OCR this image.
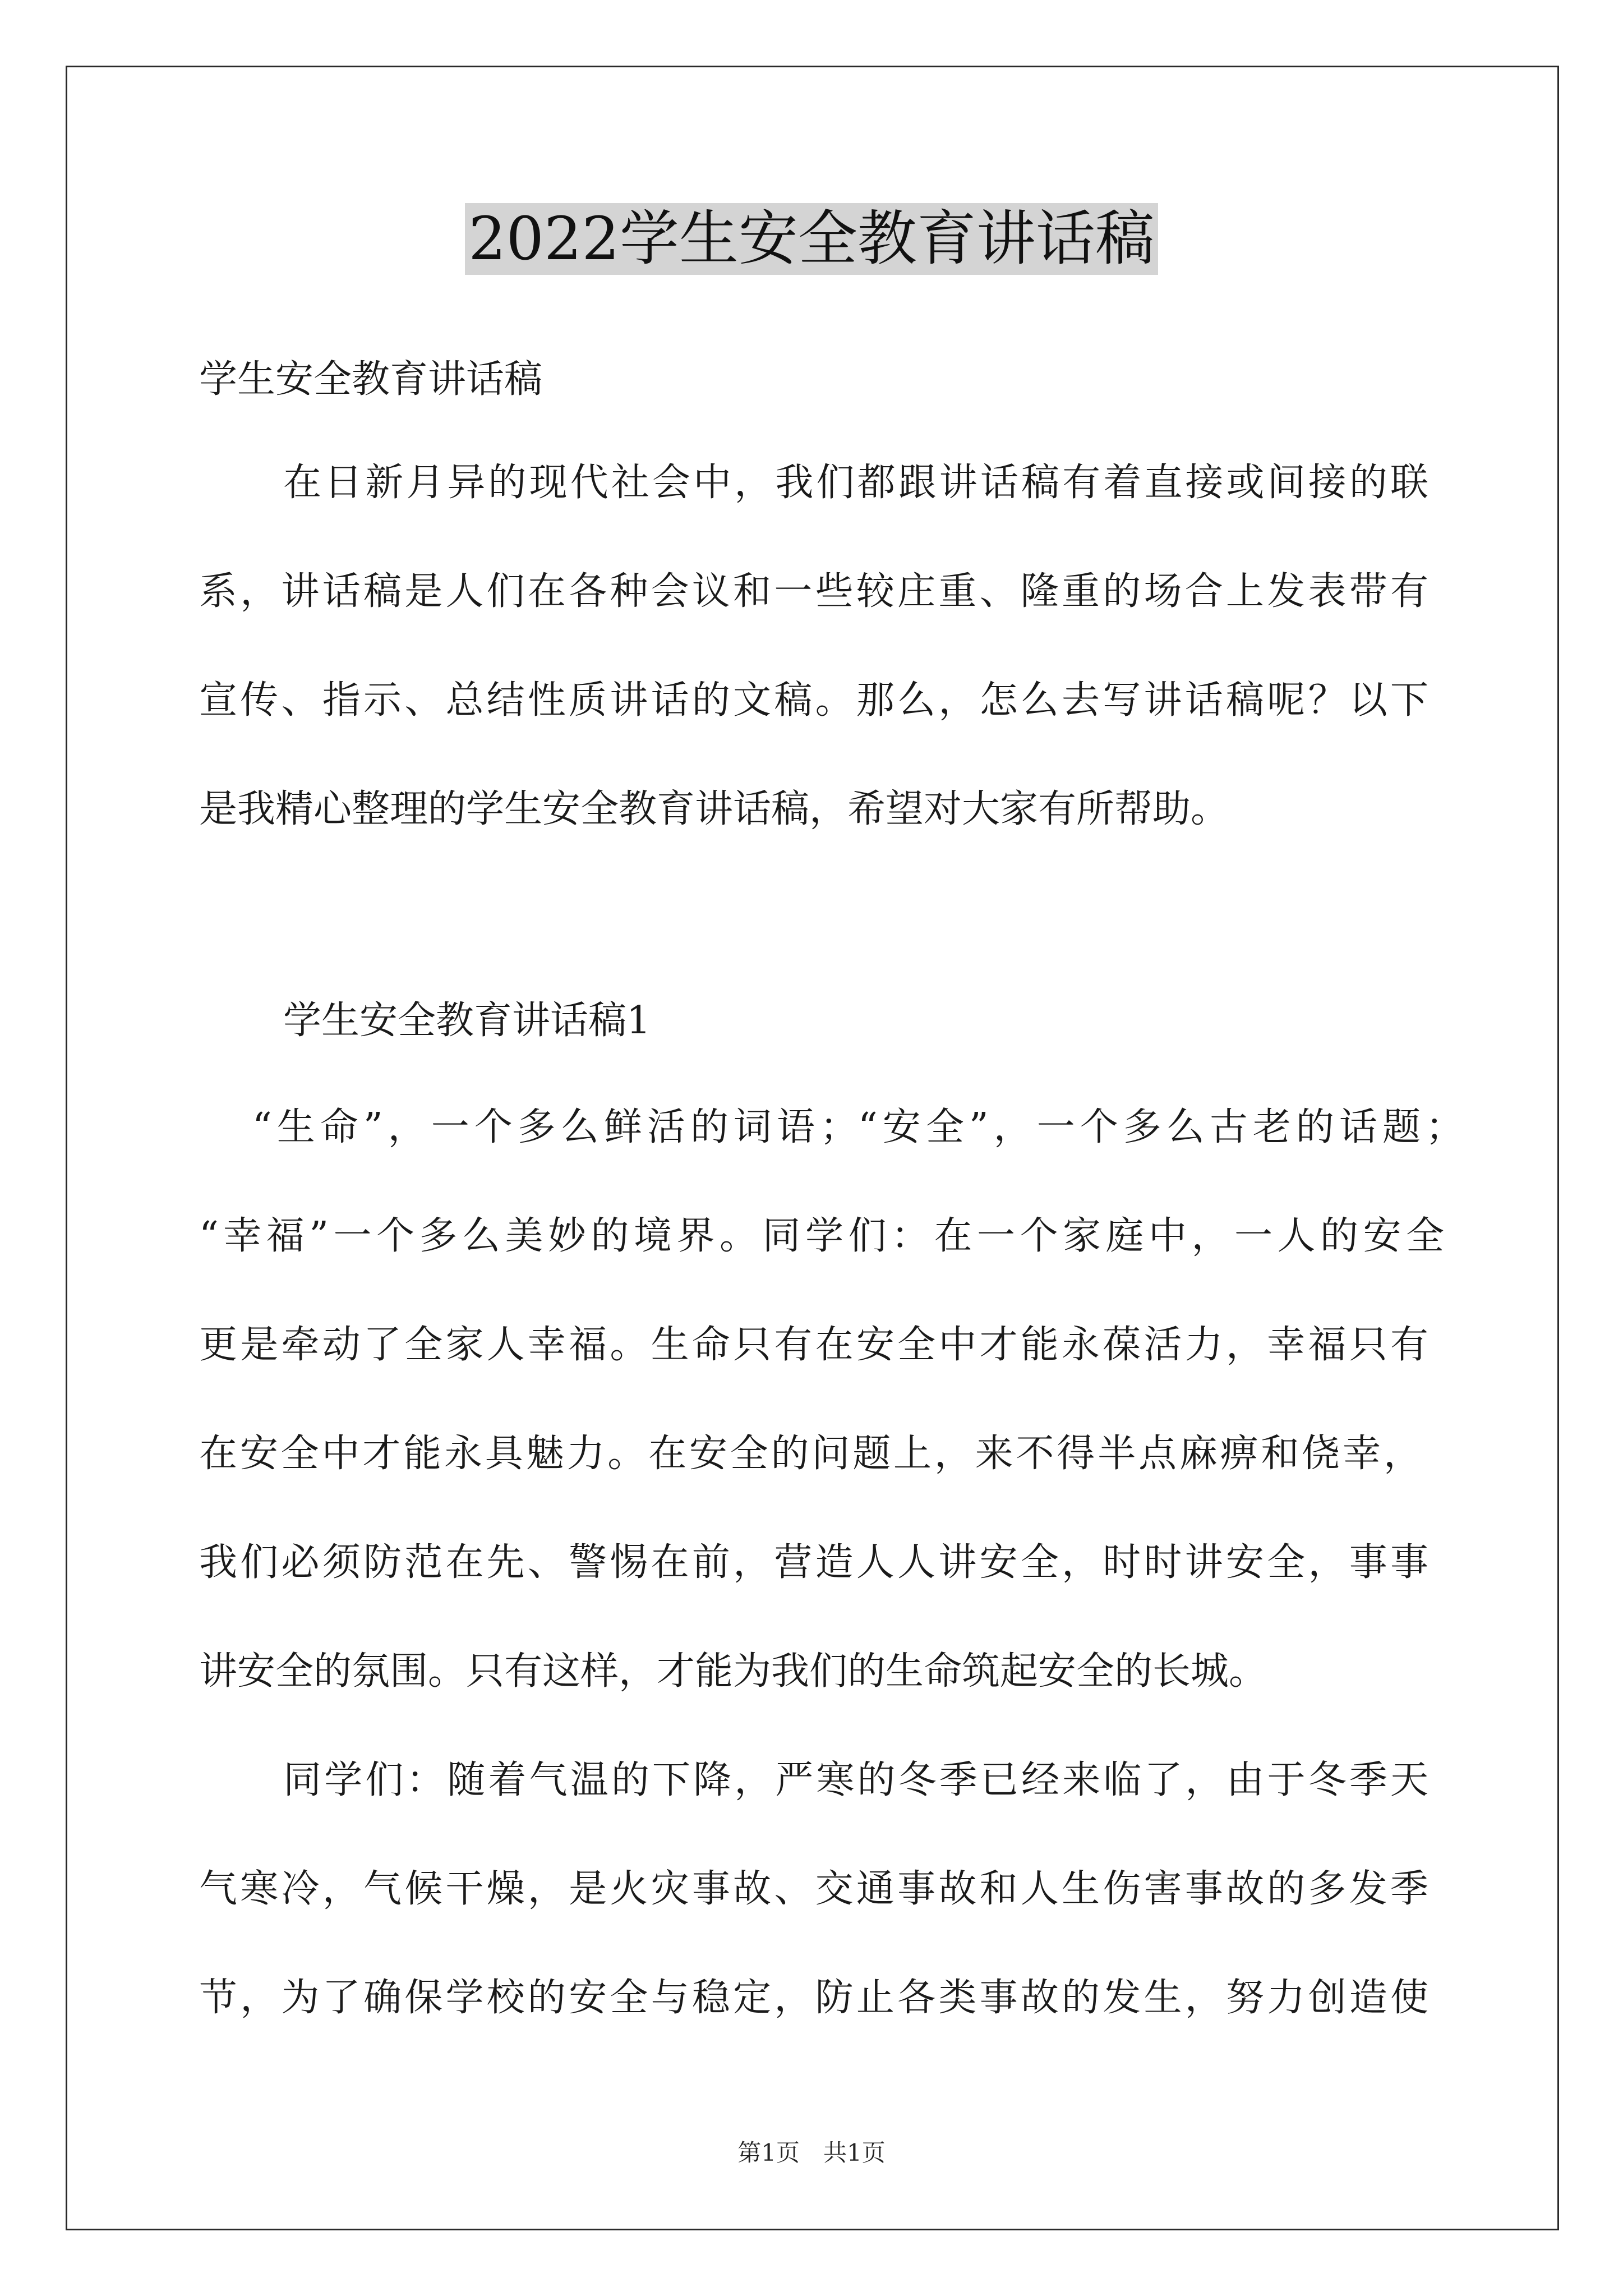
2022学生安全教育讲话稿
学生安全教育讲话稿
在日新月异的现代社会中，我们都跟讲话稿有着直接或间接的联
系，讲话稿是人们在各种会议和一些较庄重、隆重的场合上发表带有
宣传、指示、总结性质讲话的文稿。那么，怎么去写讲话稿呢？以下
是我精心整理的学生安全教育讲话稿，希望对大家有所帮助。
学生安全教育讲话稿1
“生命”，一个多么鲜活的词语；“安全”，一个多么古老的话题；
“幸福”一个多么美妙的境界。同学们：在一个家庭中，一人的安全
更是牵动了全家人幸福。生命只有在安全中才能永葆活力，幸福只有
在安全中才能永具魅力。在安全的问题上，来不得半点麻痹和侥幸，
我们必须防范在先、警惕在前，营造人人讲安全，时时讲安全，事事
讲安全的氛围。只有这样，才能为我们的生命筑起安全的长城。
同学们：随着气温的下降，严寒的冬季已经来临了，由于冬季天
气寒冷，气候干燥，是火灾事故、交通事故和人生伤害事故的多发季
节，为了确保学校的安全与稳定，防止各类事故的发生，努力创造使
第1页　共1页
